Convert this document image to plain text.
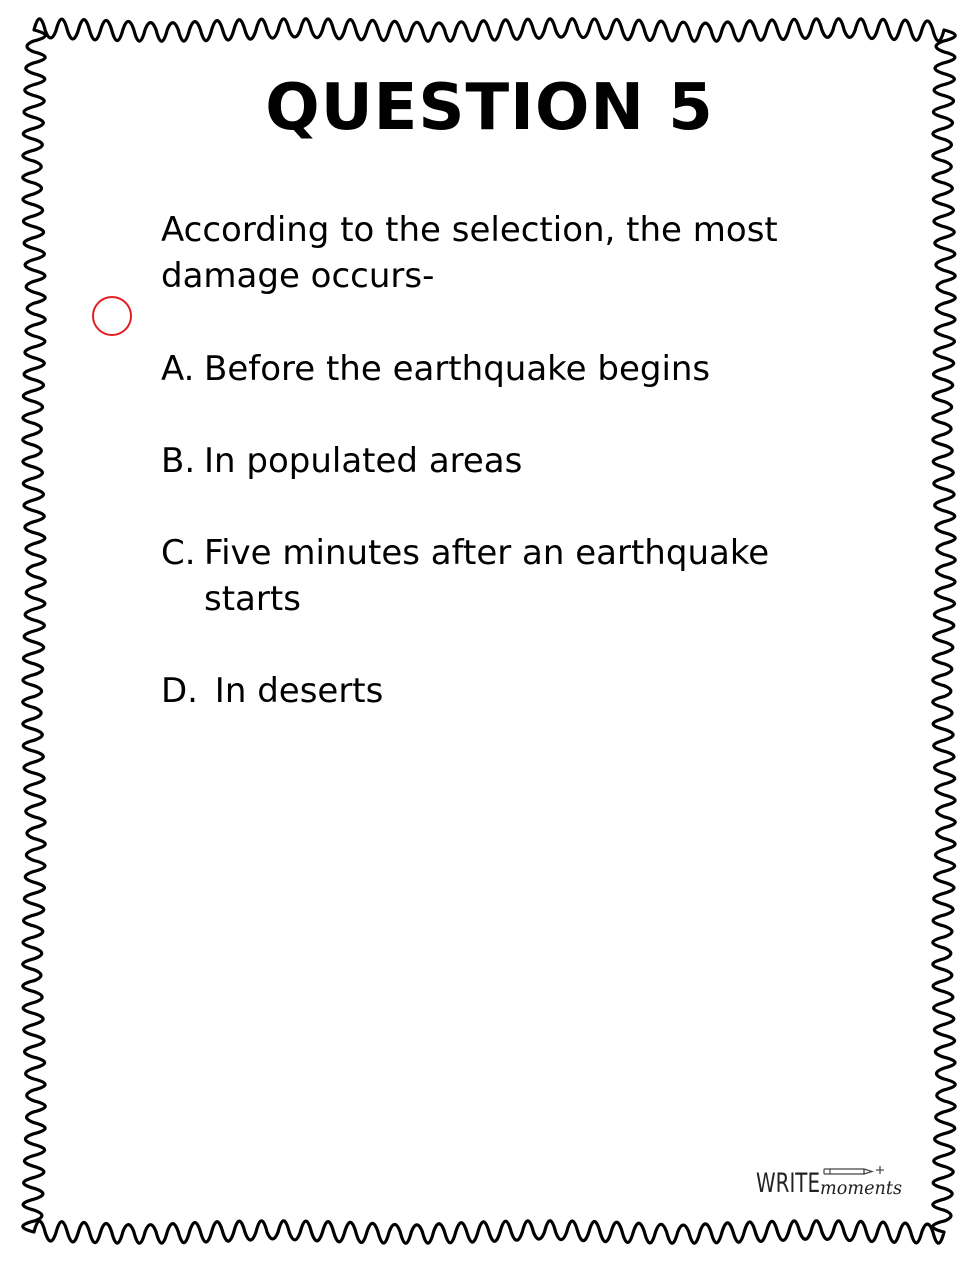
QUESTION 5
According to the selection, the most
damage occurs-
A. Before the earthquake begins
B. In populated areas
C. Five minutes after an earthquake starts
D. In deserts
WRITE moments
